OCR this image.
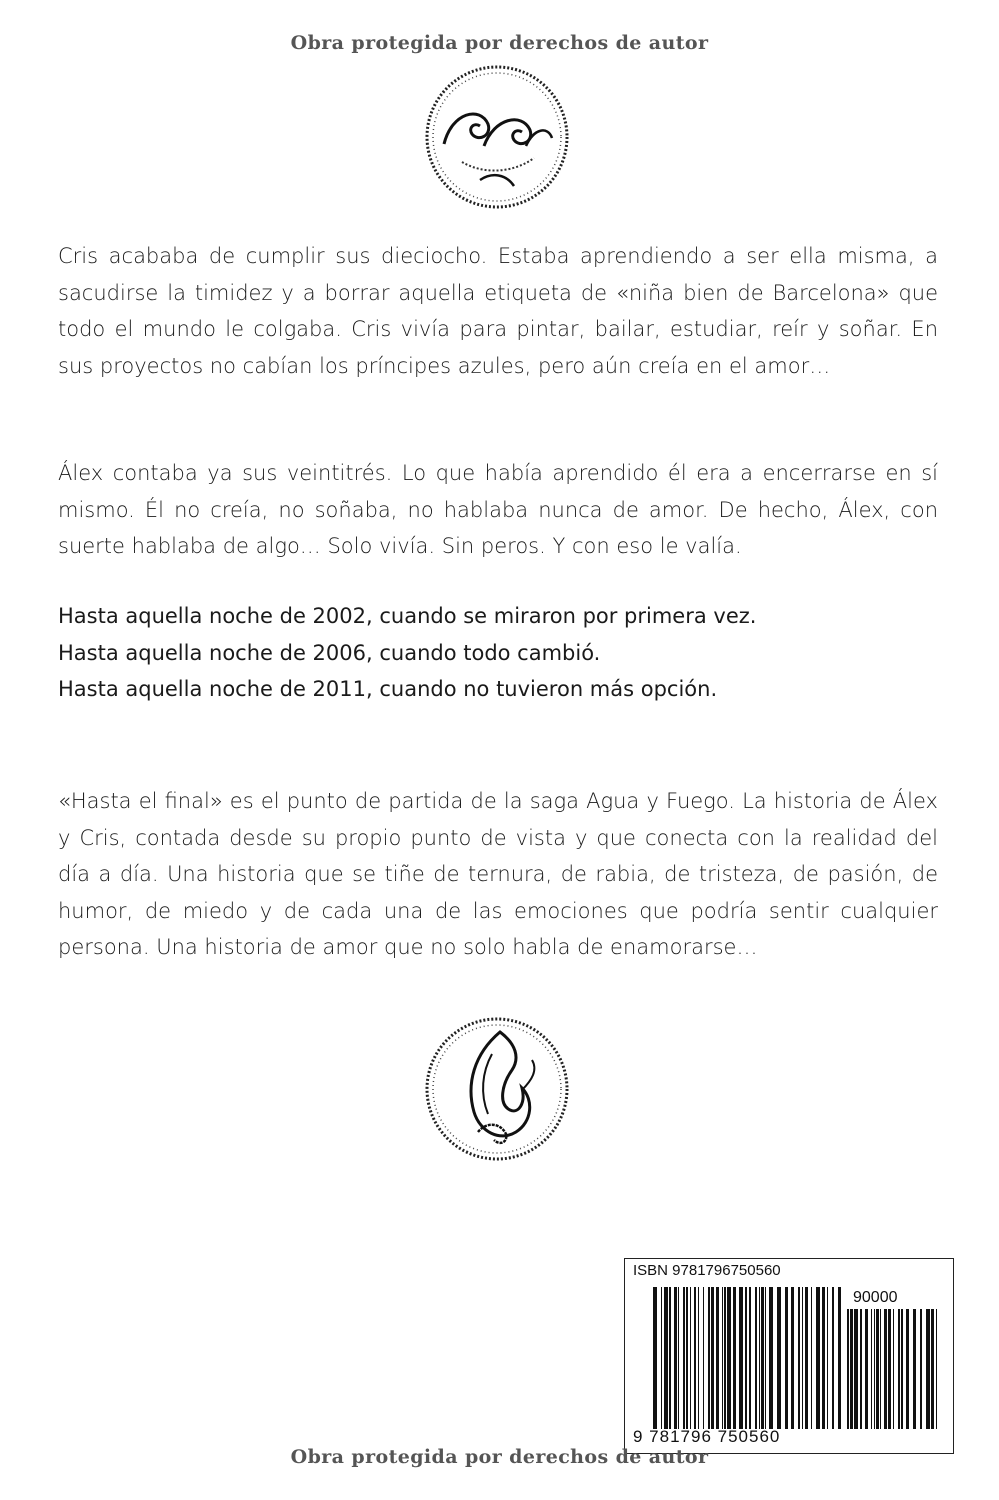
Obra protegida por derechos de autor

Cris acababa de cumplir sus dieciocho. Estaba aprendiendo a ser ella misma, a sacudirse la timidez y a borrar aquella etiqueta de «niña bien de Barcelona» que todo el mundo le colgaba. Cris vivía para pintar, bailar, estudiar, reír y soñar. En sus proyectos no cabían los príncipes azules, pero aún creía en el amor…

Álex contaba ya sus veintitrés. Lo que había aprendido él era a encerrarse en sí mismo. Él no creía, no soñaba, no hablaba nunca de amor. De hecho, Álex, con suerte hablaba de algo… Solo vivía. Sin peros. Y con eso le valía.

Hasta aquella noche de 2002, cuando se miraron por primera vez.
Hasta aquella noche de 2006, cuando todo cambió.
Hasta aquella noche de 2011, cuando no tuvieron más opción.

«Hasta el final» es el punto de partida de la saga Agua y Fuego. La historia de Álex y Cris, contada desde su propio punto de vista y que conecta con la realidad del día a día. Una historia que se tiñe de ternura, de rabia, de tristeza, de pasión, de humor, de miedo y de cada una de las emociones que podría sentir cualquier persona. Una historia de amor que no solo habla de enamorarse…

ISBN 9781796750560
90000
9 781796 750560
Obra protegida por derechos de autor
